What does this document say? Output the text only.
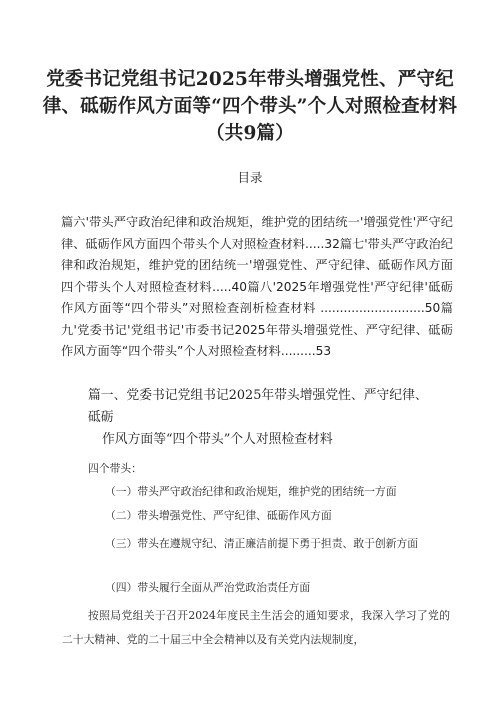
党委书记党组书记2025年带头增强党性、严守纪律、砥砺作风方面等“四个带头”个人对照检查材料（共9篇）
目录
篇六'带头严守政治纪律和政治规矩，维护党的团结统一'增强党性'严守纪律、砥砺作风方面四个带头个人对照检查材料.....32篇七'带头严守政治纪律和政治规矩，维护党的团结统一'增强党性、严守纪律、砥砺作风方面四个带头个人对照检查材料.....40篇八'2025年增强党性'严守纪律'砥砺作风方面等“四个带头”对照检查剖析检查材料 ...........................50篇九'党委书记'党组书记'市委书记2025年带头增强党性、严守纪律、砥砺作风方面等“四个带头”个人对照检查材料.........53
篇一、党委书记党组书记2025年带头增强党性、严守纪律、砥砺
作风方面等“四个带头”个人对照检查材料
四个带头：
（一）带头严守政治纪律和政治规矩，维护党的团结统一方面
（二）带头增强党性、严守纪律、砥砺作风方面
（三）带头在遵规守纪、清正廉洁前提下勇于担责、敢于创新方面
（四）带头履行全面从严治党政治责任方面
按照局党组关于召开2024年度民主生活会的通知要求，我深入学习了党的二十大精神、党的二十届三中全会精神以及有关党内法规制度，
